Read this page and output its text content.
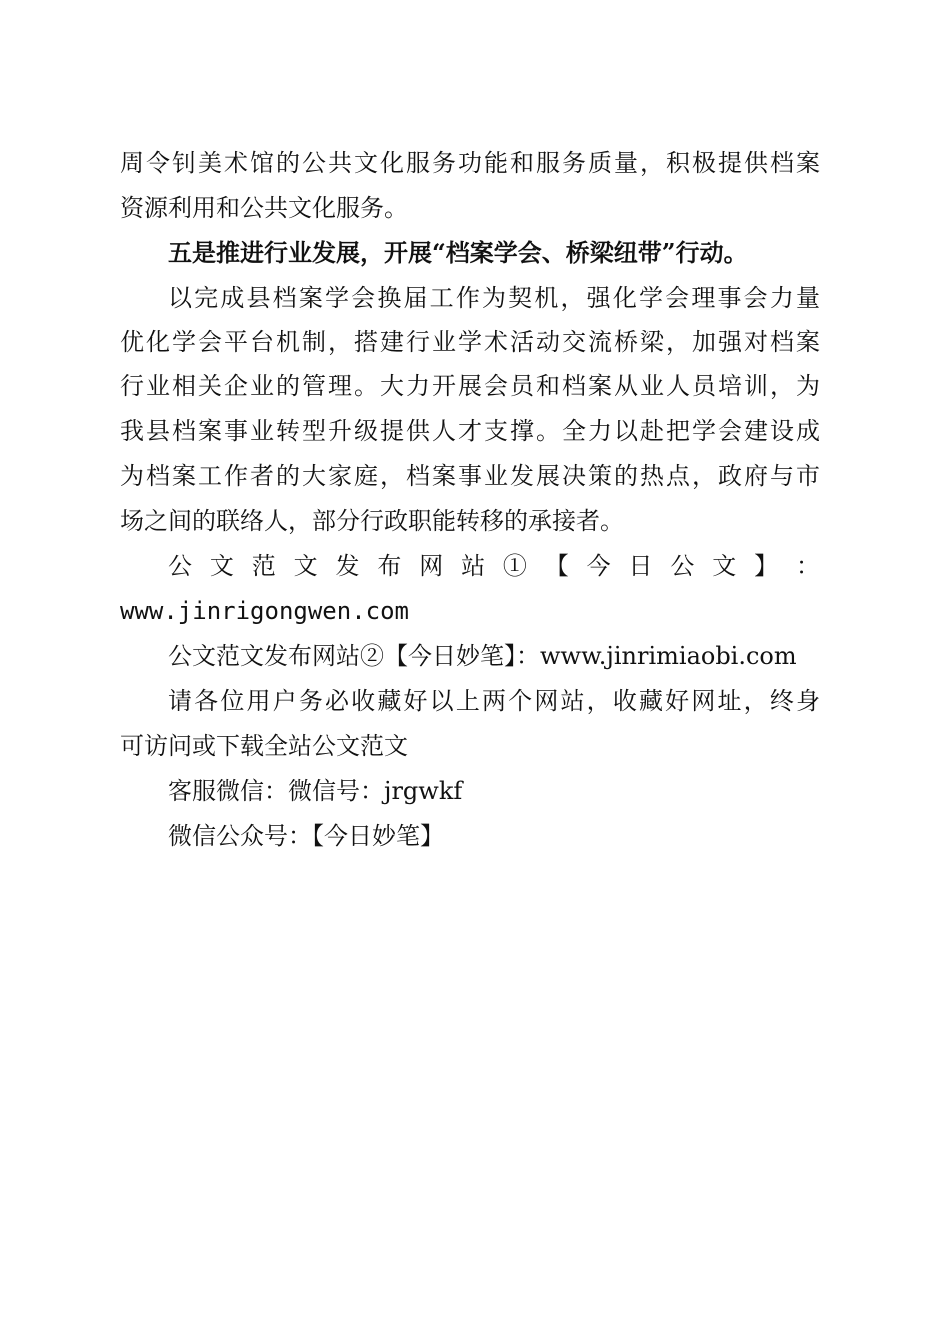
周令钊美术馆的公共文化服务功能和服务质量，积极提供档案
资源利用和公共文化服务。
五是推进行业发展，开展“档案学会、桥梁纽带”行动。
以完成县档案学会换届工作为契机，强化学会理事会力量
优化学会平台机制，搭建行业学术活动交流桥梁，加强对档案
行业相关企业的管理。大力开展会员和档案从业人员培训，为
我县档案事业转型升级提供人才支撑。全力以赴把学会建设成
为档案工作者的大家庭，档案事业发展决策的热点，政府与市
场之间的联络人，部分行政职能转移的承接者。
公 文 范 文 发 布 网 站 ① 【 今 日 公 文 】 ：
www.jinrigongwen.com
公文范文发布网站②【今日妙笔】：www.jinrimiaobi.com
请各位用户务必收藏好以上两个网站，收藏好网址，终身
可访问或下载全站公文范文
客服微信：微信号：jrgwkf
微信公众号：【今日妙笔】
